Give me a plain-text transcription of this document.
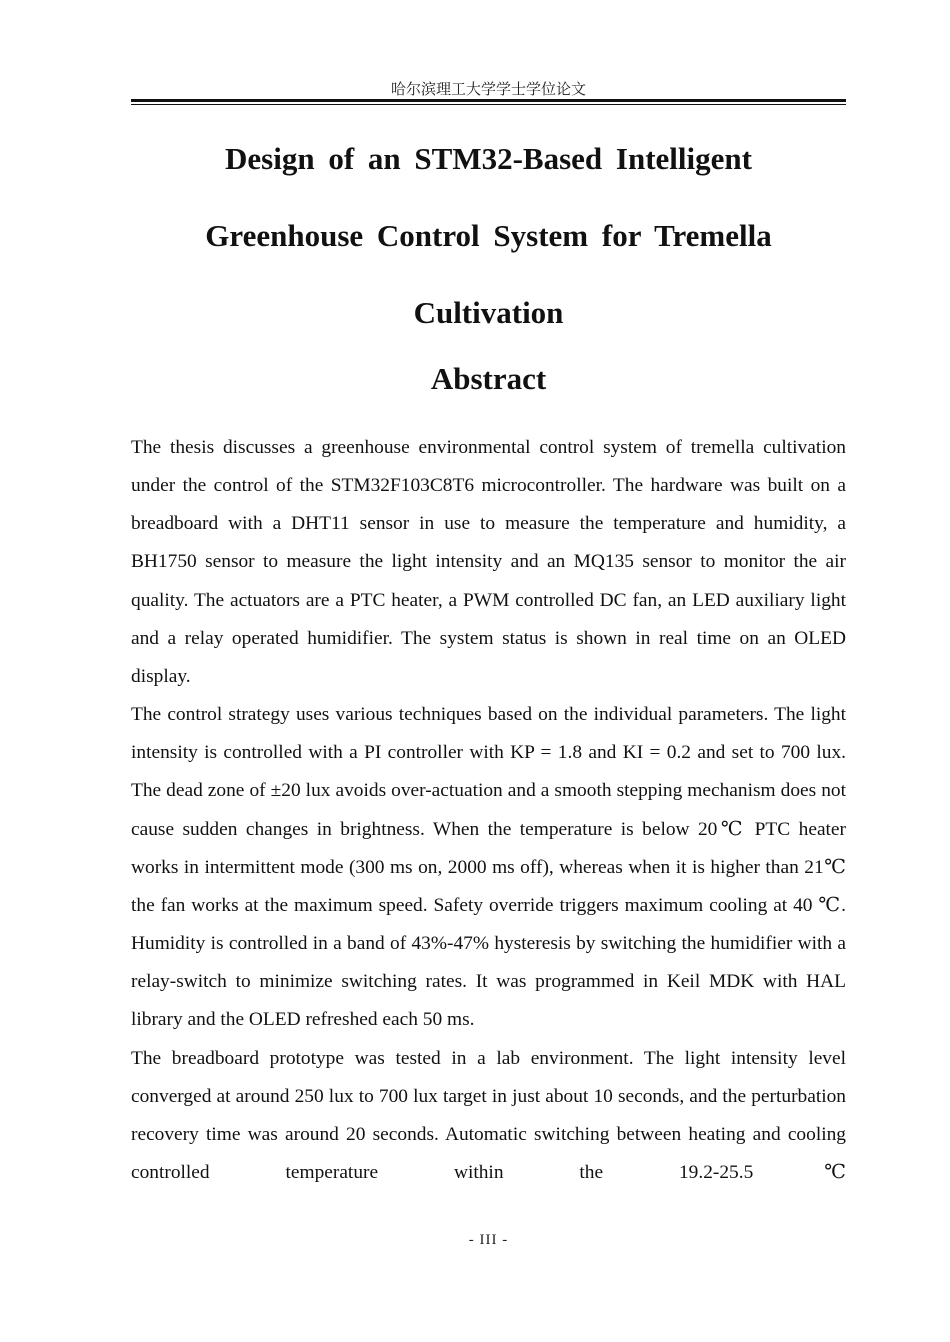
哈尔滨理工大学学士学位论文
Design of an STM32-Based Intelligent
Greenhouse Control System for Tremella
Cultivation
Abstract

The thesis discusses a greenhouse environmental control system of tremella cultivation under the control of the STM32F103C8T6 microcontroller. The hardware was built on a breadboard with a DHT11 sensor in use to measure the temperature and humidity, a BH1750 sensor to measure the light intensity and an MQ135 sensor to monitor the air quality. The actuators are a PTC heater, a PWM controlled DC fan, an LED auxiliary light and a relay operated humidifier. The system status is shown in real time on an OLED display.

The control strategy uses various techniques based on the individual parameters. The light intensity is controlled with a PI controller with KP = 1.8 and KI = 0.2 and set to 700 lux. The dead zone of ±20 lux avoids over-actuation and a smooth stepping mechanism does not cause sudden changes in brightness. When the temperature is below 20℃ PTC heater works in intermittent mode (300 ms on, 2000 ms off), whereas when it is higher than 21℃ the fan works at the maximum speed. Safety override triggers maximum cooling at 40 ℃. Humidity is controlled in a band of 43%-47% hysteresis by switching the humidifier with a relay-switch to minimize switching rates. It was programmed in Keil MDK with HAL library and the OLED refreshed each 50 ms.

The breadboard prototype was tested in a lab environment. The light intensity level converged at around 250 lux to 700 lux target in just about 10 seconds, and the perturbation recovery time was around 20 seconds. Automatic switching between heating and cooling controlled temperature within the 19.2-25.5℃

- III -
